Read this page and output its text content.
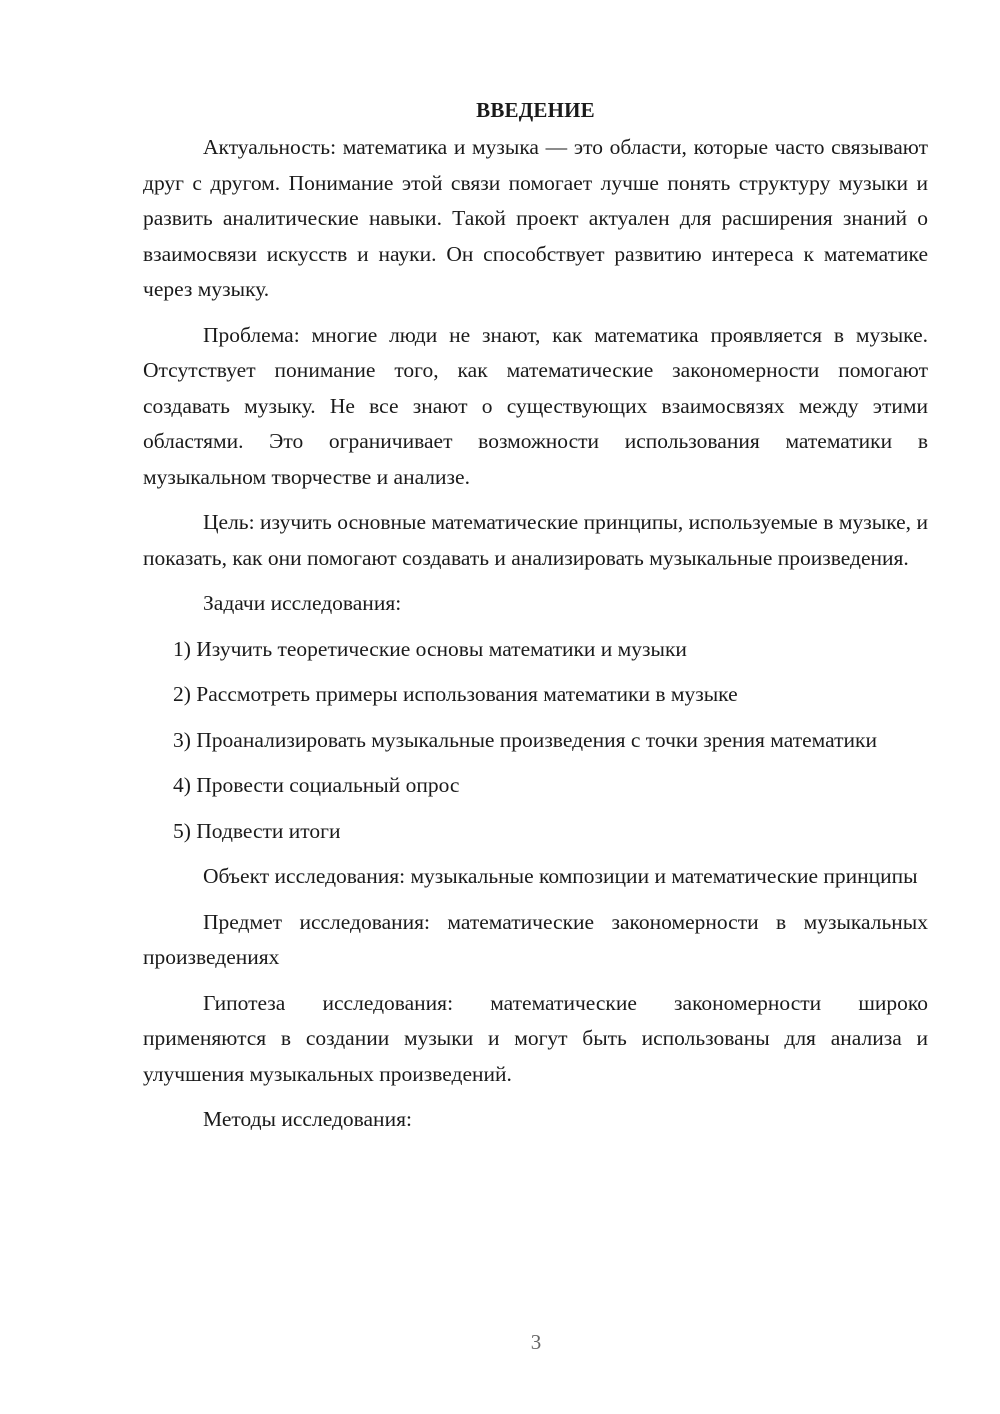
ВВЕДЕНИЕ

Актуальность: математика и музыка — это области, которые часто связывают друг с другом. Понимание этой связи помогает лучше понять структуру музыки и развить аналитические навыки. Такой проект актуален для расширения знаний о взаимосвязи искусств и науки. Он способствует развитию интереса к математике через музыку.

Проблема: многие люди не знают, как математика проявляется в музыке. Отсутствует понимание того, как математические закономерности помогают создавать музыку. Не все знают о существующих взаимосвязях между этими областями. Это ограничивает возможности использования математики в музыкальном творчестве и анализе.

Цель: изучить основные математические принципы, используемые в музыке, и показать, как они помогают создавать и анализировать музыкальные произведения.

Задачи исследования:

1) Изучить теоретические основы математики и музыки

2) Рассмотреть примеры использования математики в музыке

3) Проанализировать музыкальные произведения с точки зрения математики

4) Провести социальный опрос

5) Подвести итоги

Объект исследования: музыкальные композиции и математические принципы

Предмет исследования: математические закономерности в музыкальных произведениях

Гипотеза исследования: математические закономерности широко применяются в создании музыки и могут быть использованы для анализа и улучшения музыкальных произведений.

Методы исследования:

3
